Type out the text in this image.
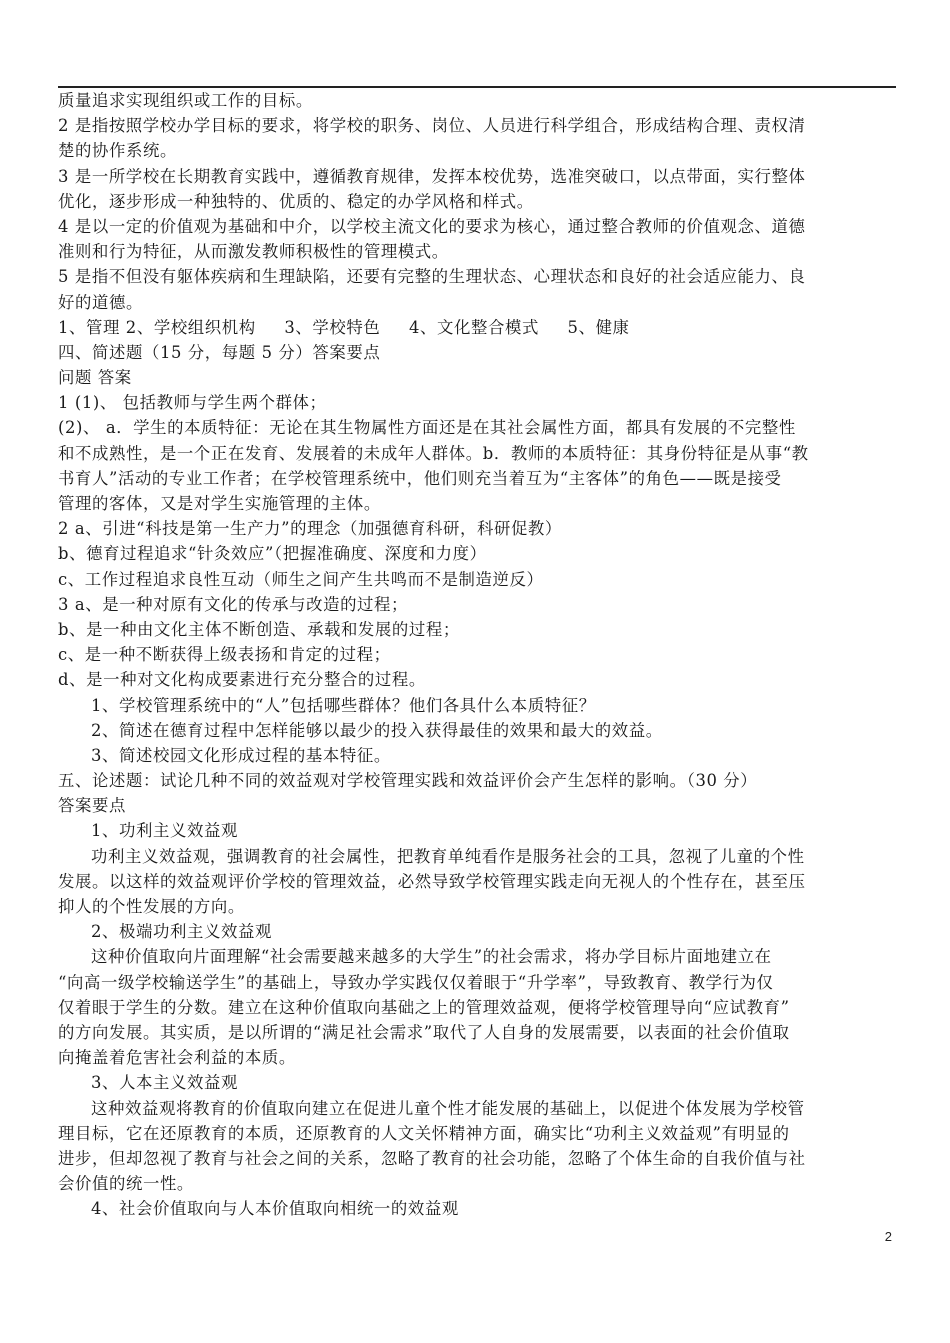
质量追求实现组织或工作的目标。
2 是指按照学校办学目标的要求，将学校的职务、岗位、人员进行科学组合，形成结构合理、责权清
楚的协作系统。
3 是一所学校在长期教育实践中，遵循教育规律，发挥本校优势，选准突破口，以点带面，实行整体
优化，逐步形成一种独特的、优质的、稳定的办学风格和样式。
4 是以一定的价值观为基础和中介，以学校主流文化的要求为核心，通过整合教师的价值观念、道德
准则和行为特征，从而激发教师积极性的管理模式。
5 是指不但没有躯体疾病和生理缺陷，还要有完整的生理状态、心理状态和良好的社会适应能力、良
好的道德。
1、管理 2、学校组织机构 　 3、学校特色 　 4、文化整合模式 　 5、健康
四、简述题（15 分，每题 5 分）答案要点
问题 答案
1 (1)、 包括教师与学生两个群体；
(2)、 a．学生的本质特征：无论在其生物属性方面还是在其社会属性方面，都具有发展的不完整性
和不成熟性，是一个正在发育、发展着的未成年人群体。b．教师的本质特征：其身份特征是从事“教
书育人”活动的专业工作者；在学校管理系统中，他们则充当着互为“主客体”的角色——既是接受
管理的客体，又是对学生实施管理的主体。
2 a、引进“科技是第一生产力”的理念（加强德育科研，科研促教）
b、德育过程追求“针灸效应”（把握准确度、深度和力度）
c、工作过程追求良性互动（师生之间产生共鸣而不是制造逆反）
3 a、是一种对原有文化的传承与改造的过程；
b、是一种由文化主体不断创造、承载和发展的过程；
c、是一种不断获得上级表扬和肯定的过程；
d、是一种对文化构成要素进行充分整合的过程。
1、学校管理系统中的“人”包括哪些群体？他们各具什么本质特征？
2、简述在德育过程中怎样能够以最少的投入获得最佳的效果和最大的效益。
3、简述校园文化形成过程的基本特征。
五、论述题：试论几种不同的效益观对学校管理实践和效益评价会产生怎样的影响。（30 分）
答案要点
1、功利主义效益观
功利主义效益观，强调教育的社会属性，把教育单纯看作是服务社会的工具，忽视了儿童的个性
发展。以这样的效益观评价学校的管理效益，必然导致学校管理实践走向无视人的个性存在，甚至压
抑人的个性发展的方向。
2、极端功利主义效益观
这种价值取向片面理解“社会需要越来越多的大学生”的社会需求，将办学目标片面地建立在
“向高一级学校输送学生”的基础上，导致办学实践仅仅着眼于“升学率”，导致教育、教学行为仅
仅着眼于学生的分数。建立在这种价值取向基础之上的管理效益观，便将学校管理导向“应试教育”
的方向发展。其实质，是以所谓的“满足社会需求”取代了人自身的发展需要，以表面的社会价值取
向掩盖着危害社会利益的本质。
3、人本主义效益观
这种效益观将教育的价值取向建立在促进儿童个性才能发展的基础上，以促进个体发展为学校管
理目标，它在还原教育的本质，还原教育的人文关怀精神方面，确实比“功利主义效益观”有明显的
进步，但却忽视了教育与社会之间的关系，忽略了教育的社会功能，忽略了个体生命的自我价值与社
会价值的统一性。
4、社会价值取向与人本价值取向相统一的效益观
2
